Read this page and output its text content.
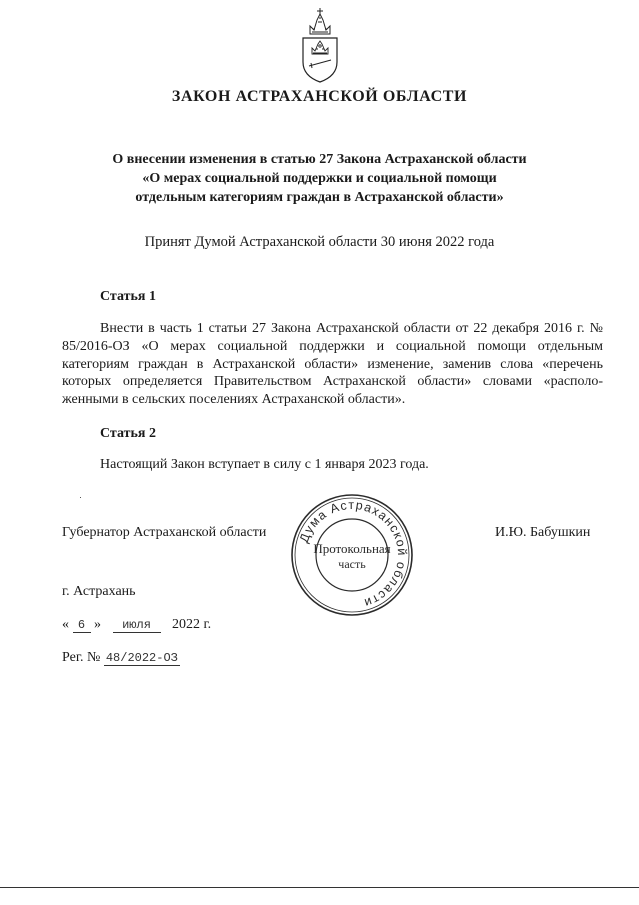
ЗАКОН АСТРАХАНСКОЙ ОБЛАСТИ
О внесении изменения в статью 27 Закона Астраханской области
«О мерах социальной поддержки и социальной помощи
отдельным категориям граждан в Астраханской области»
Принят Думой Астраханской области 30 июня 2022 года
Статья 1
Внести в часть 1 статьи 27 Закона Астраханской области от 22 декабря 2016 г. № 85/2016-ОЗ «О мерах социальной поддержки и социальной помощи отдельным категориям граждан в Астраханской области» изменение, заменив слова «перечень которых определяется Правительством Астраханской области» словами «расположенными в сельских поселениях Астраханской области».
Статья 2
Настоящий Закон вступает в силу с 1 января 2023 года.
Губернатор Астраханской области	И.Ю. Бабушкин
Дума Астраханской области
Протокольная
часть
г. Астрахань
« 6 » июля 2022 г.
Рег. № 48/2022-ОЗ
